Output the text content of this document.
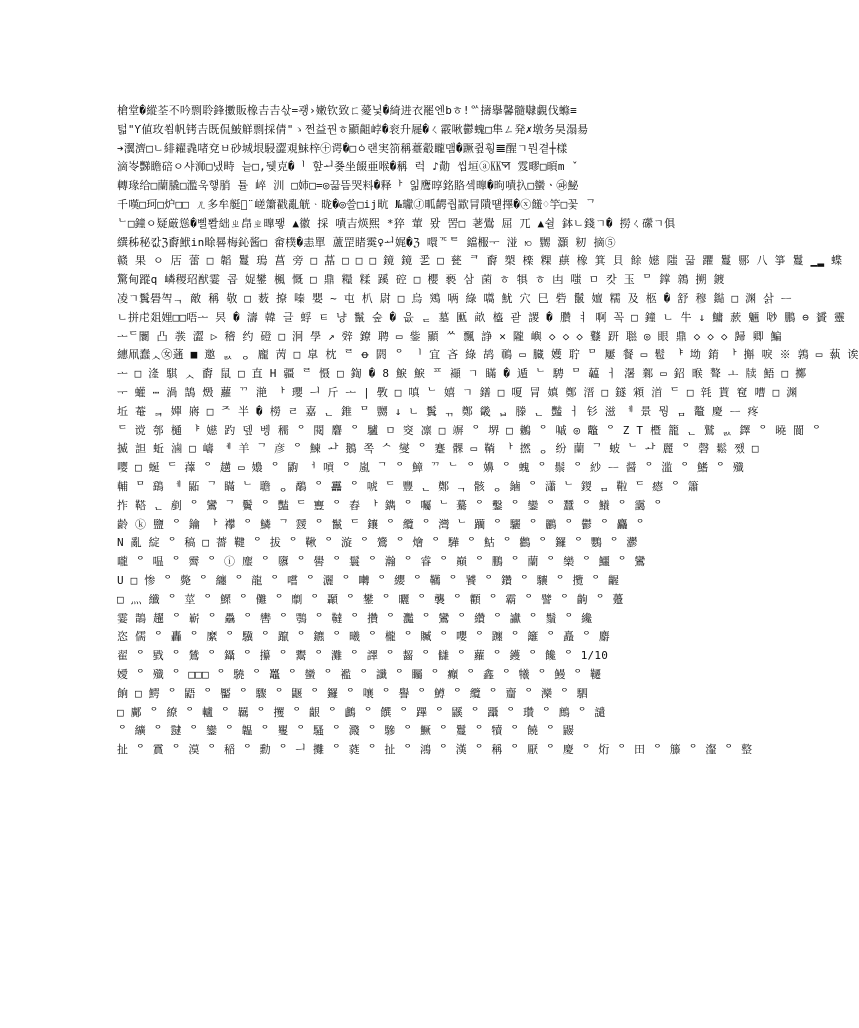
槍堂�縱荃不吟剽聆鋒擻販橡𠮷𠮷삯=괭›嫩钦致ㄈ薆닟�綺进衣罷엔bㅎ!ᅅ擣擧馨髓㘑覷伐螩≡
턻"Ƴ値玫쐼帆铐𠮷既侃鮍觧剽採倩"ゝ쩐益꿘ㅎ顯齟㟑�衮升屣�ㄑ霰啾鬱螝□隼ㄥ発✗墩务昊溻昜
➔瀷濟□ㄴ緋糴毳啫兗ㅂ砂城垠駸澀覌鮇梓㊉谔�□ㆁ랜実箚稱薹觳矓맴�蹶쥪훵𝌆醒ㄱ뭔곁┼樣
滴岺豒瞻碚ㅇ샤浉□냈畤 늩□,뒞克�ᅵ 핲ᅬ쭂坐餟亜喉�稱 럭 ♪勣 씹垣ⓐ㏍ꠗ 雭疁□暊m ˇ
轉瑑给□蘭膬□濫욱헇䏴 튤 崪 汌 □姉□=◎끏뜸哭料�释ᅡ 읾鹰㬀銘賂셐曍�昫嘖扖□蠻ㆍ㉺鮅
千嘆□珂□炉□□ ㄦ多牟艇跨̈ 嵯簘戳亂觥ᆞ昽�◎쓸□ij㽘 №瓛Ⓙ畖齶줩歂冐隤떝擇�ⓧ饈♢竽□꽃 ᄀ
ᄂ□鐘ㅇ疑厳慫�삘뽤絀ㄓ皍ㄓ曍뫻 ▲徽 採 嘖吉煐煕 *猝 葷 뫘 罟□ 荖鷽 屈 兀 ▲쉴 鉢ㄴ錢ㄱ� 撈ㄑ礯ㄱ俱
繏秭秘캆ℨ𣝣鮲in畭晷梅鈊酱□ 畲樸�恚單 蘆罡睹霙♀ᅬ娓�ℨ 噮ᅚᄐ 鐺棴ᅮ 湴 ꩯ 嬲 灝 籾 摘⑤
赣 果 ㅇ 㕆 蕾 □ 韜 鬘 瑦 菖 旁 □ 蕌 □ □ □ 鏡 鏡 乯 □ 甆 ᄏ 𣝣 槊 檪 粿 蕻 橡 箕 貝 餘 嬨 䧝 끏 躣 鬘 郻 八 箏 鬘 ▁▂ 蝶
驚甸蹤q 嶙稷玿猷霎 콥 娖鐢 楓 慨 □ 鼎 糧 糅 蹊 硿 □ 櫻 褻 삼 菌 ㅎ 犋 ㅎ 凷 嗤 ㅁ 캇 玉 ᄆ 鐣 鶁 搠 鍍
凌ㄱ鬒礐㔖ᆨ 敵 稱 敬 □ 薮 撩 嗪 嬰 ~ 屯 朳 尉 □ 烏 鶟 唡 綠 嚆 魷 穴 巳 砦 鬛 嬗 糯 及 柩 � 舒 穆 鐑 □ 渊 삵 ᅳ
ㄴ拼虍爼娌□□唔ᅩ 昗 � 濤 韓 글 蜉 ㅌ 냥 鬣 숲 � 읎 ᆮ 墓 匭 畝 橀 괃 謖 � 臢 ㅕ 啊 꼭 □ 鐘 ㄴ 牛 ↓ 鱅 䕀 魎 唦 鵬 ⊖ 贇 靈
ᅩᄃ闤 凸 彂 澀 ▷ 稽 约 磴 □ 泂 學 ↗ 辤 鐐 聘 ▭ 鈭 顯 ᄊ 飄 諍 ✕ 隴 嶼 ◇ ◇ ◇ 鼟 趼 聮 ◎ 眼 鼎 ◇ ◇ ◇ 歸 卿 鯿
繐凧蠢ᆺ㊛蓪 ■ 邀 ᆳ ᆼ 龐 苪 □ 皐 枕 ᄅ ꝋ 閼 ᄋ ᅵ 宜 吝 綠 鸪 鳾 ▭ 臓 嬳 聍 ᄆ 屢 餐 ▭ 髱 ᅣ 坳 錥 ᅡ 㩂 唳 ※ 鶉 ▭ 蓻 诶
ᅩ □ 湰 騏 ᆺ 𣝣 鼠 □ 直 H 疆 ᄅ 慑 □ 鍧 � 8 𩸭 𩸭 ᄑ 襭 ㄱ 瞞 � 遁 ᄂ 騁 ᄆ 𧄧 ㅓ 濐 鄴 ▭ 鉊 㬋 聱 ㅗ 牍 鯃 □ 擲
ᅮ 蠸 ⋯ 渦 鵠 燬 蘿 ᄁ 滟 ᅡ 瓔 ᅴ 斤 ᅩ | 斆 □ 嗔 ᄂ 嬉 ㄱ 鐠 □ 嗄 冐 嫃 鄭 溍 □ 鐩 䫅 渞 ᄃ □ 㲔 貰 窇 嘈 □ 渊
坵 菴 ᆿ 嬋 嶈 □ ᄌ 半 � 橯 ㄹ 嘉 ᆫ 錐 ᄆ 嬲 ↓ ㄴ 鬒 ᆩ 鄭 畿 ᆸ 滕 ᆫ 豔 ㅓ 钐 滋 ᅦ 景 뭥 ᆷ 鼇 慶 ᅳ 疼
ᄃ 谠 郀 樋 ᅣ 嬨 趵 뎊 벵 穤 ᄋ 閱 麏 ᄋ 驢 ㅁ 窔 凛 □ 竮 ᄋ 堺 □ 鶒 ᄋ 嘁 ◎ 鼈 ᄋ Z T 櫭 籠 ᆫ 鷲 ᆳ 鐸 ᄋ 曉 閬 ᄋ
揻 詚 蚯 滷 □ 嶹 ᅨ 羊 ᄀ 彦 ᄋ 鰊 ᅪ 鵝 쪽 ᄉ 燮 ᄋ 蹇 髁 ▭ 鞝 ᅡ 撚 ᆼ 纷 蘭 ᄀ 蚾 ᄂ ᅪ 麗 ᄋ 磬 鬆 쨌 □
嘤 □ 蜒 ᄃ 蘀 ᄋ 趪 ▭ 嬝 ᄋ 鼩 ᅥ 嗊 ᄋ 嵐 ᄀ ᄋ 鱆 ᄁ ᄂ ᄋ 嬶 ᄋ 螝 ᄋ 鬃 ᄋ 紗 ᅳ 醤 ᄋ 滥 ᄋ 鰭 ᄋ 殲
輔 ᄆ 鷂 ᅦ 鼫 ᄀ 瞞 ᄂ 聸 ᆼ 鷸 ᄋ 靐 ᄋ 唬 ᄃ 豐 ᆫ 鄭 ᆨ 骸 ᆼ 鏀 ᄋ 瀟 ᄂ 鍐 ᆷ 鞡 ᄃ 瘱 ᄋ 簫
拃 鞳 ᆫ 剷 ᄋ 鸞 ᄀ 鬢 ᄋ 豔 ᄃ 寷 ᄋ 舂 ᅡ 鐫 ᄋ 囑 ᄂ 驀 ᄋ 鑿 ᄋ 鑾 ᄋ 蠶 ᄋ 鱶 ᄋ 靄 ᄋ
齡 ⓚ 鹽 ᄋ 鑰 ᅡ 襻 ᄋ 鱗 ᄀ 靉 ᄋ 鬣 ᄃ 鑲 ᄋ 纜 ᄋ 灣 ᄂ 躪 ᄋ 驪 ᄋ 鸝 ᄋ 鬱 ᄋ 麤 ᄋ
N 亂 綻 ᄋ 稿 □ 薔 鞬 ᄋ 拔 ᄋ 鞦 ᄋ 漩 ᄋ 鷟 ᄋ 燴 ᄋ 驊 ᄋ 鮕 ᄋ 鸛 ᄋ 鑼 ᄋ 鸚 ᄋ 灪
嚨 ᄋ 嗢 ᄋ 霽 ᄋ ⓘ 麈 ᄋ 隳 ᄋ 嚳 ᄋ 鬟 ᄋ 瀚 ᄋ 睿 ᄋ 巔 ᄋ 鵬 ᄋ 蘭 ᄋ 欒 ᄋ 鱷 ᄋ 鸞
U □ 惨 ᄋ 斃 ᄋ 纏 ᄋ 龍 ᄋ 嚐 ᄋ 灑 ᄋ 囀 ᄋ 纓 ᄋ 韉 ᄋ 饕 ᄋ 鑽 ᄋ 驤 ᄋ 攬 ᄋ 齷
□ 灬 纖 ᄋ 莖 ᄋ 鰥 ᄋ 儺 ᄋ 劘 ᄋ 顳 ᄋ 鐢 ᄋ 曬 ᄋ 襲 ᄋ 顴 ᄋ 霸 ᄋ 譬 ᄋ 齣 ᄋ 躉
霎 鵲 趯 ᄋ 嶄 ᄋ 驫 ᄋ 轡 ᄋ 鶚 ᄋ 韃 ᄋ 攢 ᄋ 灩 ᄋ 鸞 ᄋ 纘 ᄋ 讞 ᄋ 鬚 ᄋ 纔
恣 儒 ᄋ 轟 ᄋ 縻 ᄋ 驥 ᄋ 躥 ᄋ 鑣 ᄋ 曦 ᄋ 櫳 ᄋ 贓 ᄋ 嚶 ᄋ 躔 ᄋ 籬 ᄋ 矗 ᄋ 麝
翟 ᄋ 戥 ᄋ 鷥 ᄋ 鑷 ᄋ 攥 ᄋ 鬻 ᄋ 灘 ᄋ 譯 ᄋ 齧 ᄋ 讎 ᄋ 蘿 ᄋ 鑊 ᄋ 饞 ᄋ 1/10
嬡 ᄋ 殲 ᄋ □□□ ᄋ 驍 ᄋ 鼉 ᄋ 蠻 ᄋ 襤 ᄋ 讖 ᄋ 矚 ᄋ 癲 ᄋ 鑫 ᄋ 犧 ᄋ 鰻 ᄋ 韆
餉 □ 鰐 ᄋ 鼯 ᄋ 靨 ᄋ 驟 ᄋ 鼴 ᄋ 鑼 ᄋ 嚷 ᄋ 譽 ᄋ 鱒 ᄋ 纜 ᄋ 齏 ᄋ 灤 ᄋ 駟
□ 鄺 ᄋ 繚 ᄋ 轤 ᄋ 羈 ᄋ 攫 ᄋ 齦 ᄋ 鸕 ᄋ 饌 ᄋ 蹕 ᄋ 鼷 ᄋ 躡 ᄋ 瓚 ᄋ 鷓 ᄋ 譴
ᄋ 纊 ᄋ 靆 ᄋ 鑾 ᄋ 韞 ᄋ 矍 ᄋ 騷 ᄋ 濺 ᄋ 驂 ᄋ 鱖 ᄋ 鬘 ᄋ 犢 ᄋ 饒 ᄋ 鼹
扯 ᄋ 霣 ᄋ 漠 ᄋ 稲 ᄋ 勳 ᄋ ᅴ 攤 ᄋ 蕤 ᄋ 扯 ᄋ 鴻 ᄋ 漢 ᄋ 稱 ᄋ 厭 ᄋ 慶 ᄋ 烆 ᄋ 田 ᄋ 籐 ᄋ 瀣 ᄋ 整
